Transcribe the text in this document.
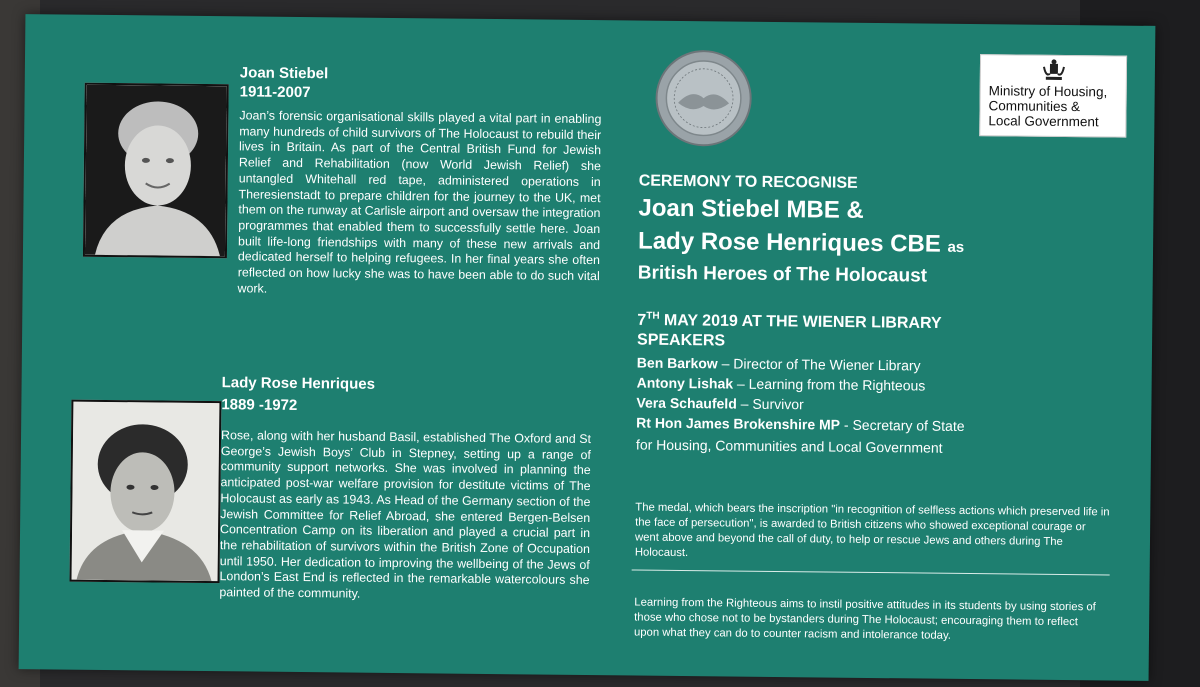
Joan Stiebel

1911-2007

Joan’s forensic organisational skills played a vital part in enabling many hundreds of child survivors of The Holocaust to rebuild their lives in Britain. As part of the Central British Fund for Jewish Relief and Rehabilitation (now World Jewish Relief) she untangled Whitehall red tape, administered operations in Theresienstadt to prepare children for the journey to the UK, met them on the runway at Carlisle airport and oversaw the integration programmes that enabled them to successfully settle here. Joan built life-long friendships with many of these new arrivals and dedicated herself to helping refugees. In her final years she often reflected on how lucky she was to have been able to do such vital work.

Lady Rose Henriques

1889 -1972

Rose, along with her husband Basil, established The Oxford and St George’s Jewish Boys’ Club in Stepney, setting up a range of community support networks. She was involved in planning the anticipated post-war welfare provision for destitute victims of The Holocaust as early as 1943. As Head of the Germany section of the Jewish Committee for Relief Abroad, she entered Bergen-Belsen Concentration Camp on its liberation and played a crucial part in the rehabilitation of survivors within the British Zone of Occupation until 1950. Her dedication to improving the wellbeing of the Jews of London’s East End is reflected in the remarkable watercolours she painted of the community.

Ministry of Housing,
Communities &
Local Government

CEREMONY TO RECOGNISE

Joan Stiebel MBE &

Lady Rose Henriques CBE as

British Heroes of The Holocaust

7TH MAY 2019 AT THE WIENER LIBRARY

SPEAKERS

Ben Barkow – Director of The Wiener Library

Antony Lishak – Learning from the Righteous

Vera Schaufeld – Survivor

Rt Hon James Brokenshire MP - Secretary of State

for Housing, Communities and Local Government

The medal, which bears the inscription "in recognition of selfless actions which preserved life in the face of persecution", is awarded to British citizens who showed exceptional courage or went above and beyond the call of duty, to help or rescue Jews and others during The Holocaust.

Learning from the Righteous aims to instil positive attitudes in its students by using stories of those who chose not to be bystanders during The Holocaust; encouraging them to reflect upon what they can do to counter racism and intolerance today.
